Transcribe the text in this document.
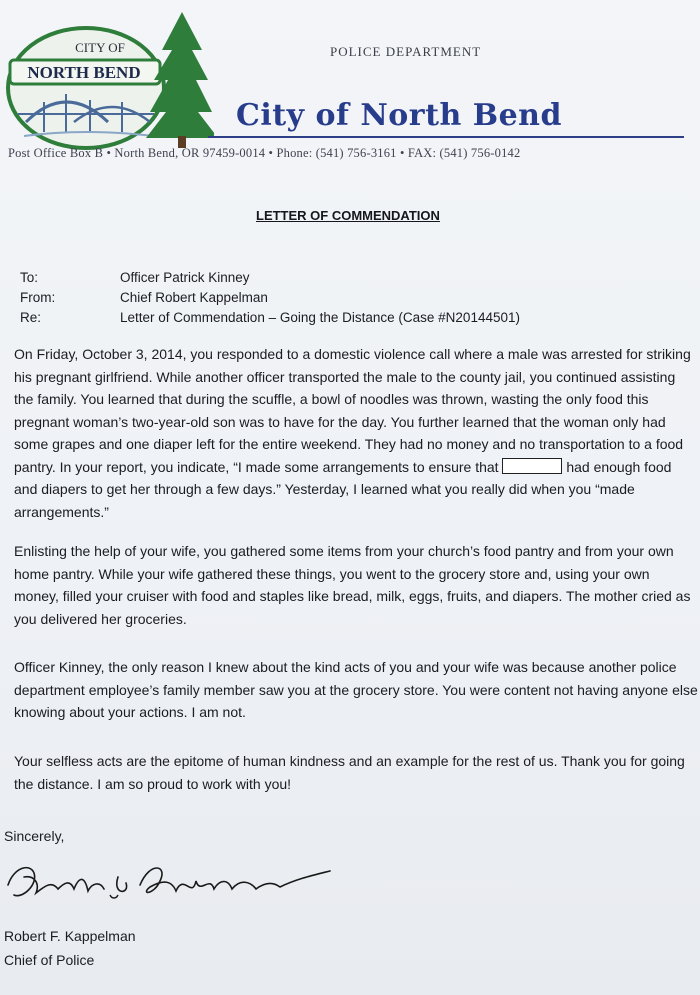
CITY OF
NORTH BEND
POLICE DEPARTMENT
City of North Bend
Post Office Box B • North Bend, OR 97459-0014 • Phone: (541) 756-3161 • FAX: (541) 756-0142
LETTER OF COMMENDATION
To:	Officer Patrick Kinney
From:	Chief Robert Kappelman
Re:	Letter of Commendation – Going the Distance (Case #N20144501)
On Friday, October 3, 2014, you responded to a domestic violence call where a male was arrested for striking his pregnant girlfriend. While another officer transported the male to the county jail, you continued assisting the family. You learned that during the scuffle, a bowl of noodles was thrown, wasting the only food this pregnant woman’s two-year-old son was to have for the day. You further learned that the woman only had some grapes and one diaper left for the entire weekend. They had no money and no transportation to a food pantry. In your report, you indicate, “I made some arrangements to ensure that	had enough food and diapers to get her through a few days.” Yesterday, I learned what you really did when you “made arrangements.”
Enlisting the help of your wife, you gathered some items from your church’s food pantry and from your own home pantry. While your wife gathered these things, you went to the grocery store and, using your own money, filled your cruiser with food and staples like bread, milk, eggs, fruits, and diapers. The mother cried as you delivered her groceries.
Officer Kinney, the only reason I knew about the kind acts of you and your wife was because another police department employee’s family member saw you at the grocery store. You were content not having anyone else knowing about your actions. I am not.
Your selfless acts are the epitome of human kindness and an example for the rest of us. Thank you for going the distance. I am so proud to work with you!
Sincerely,
Robert F. Kappelman
Chief of Police
